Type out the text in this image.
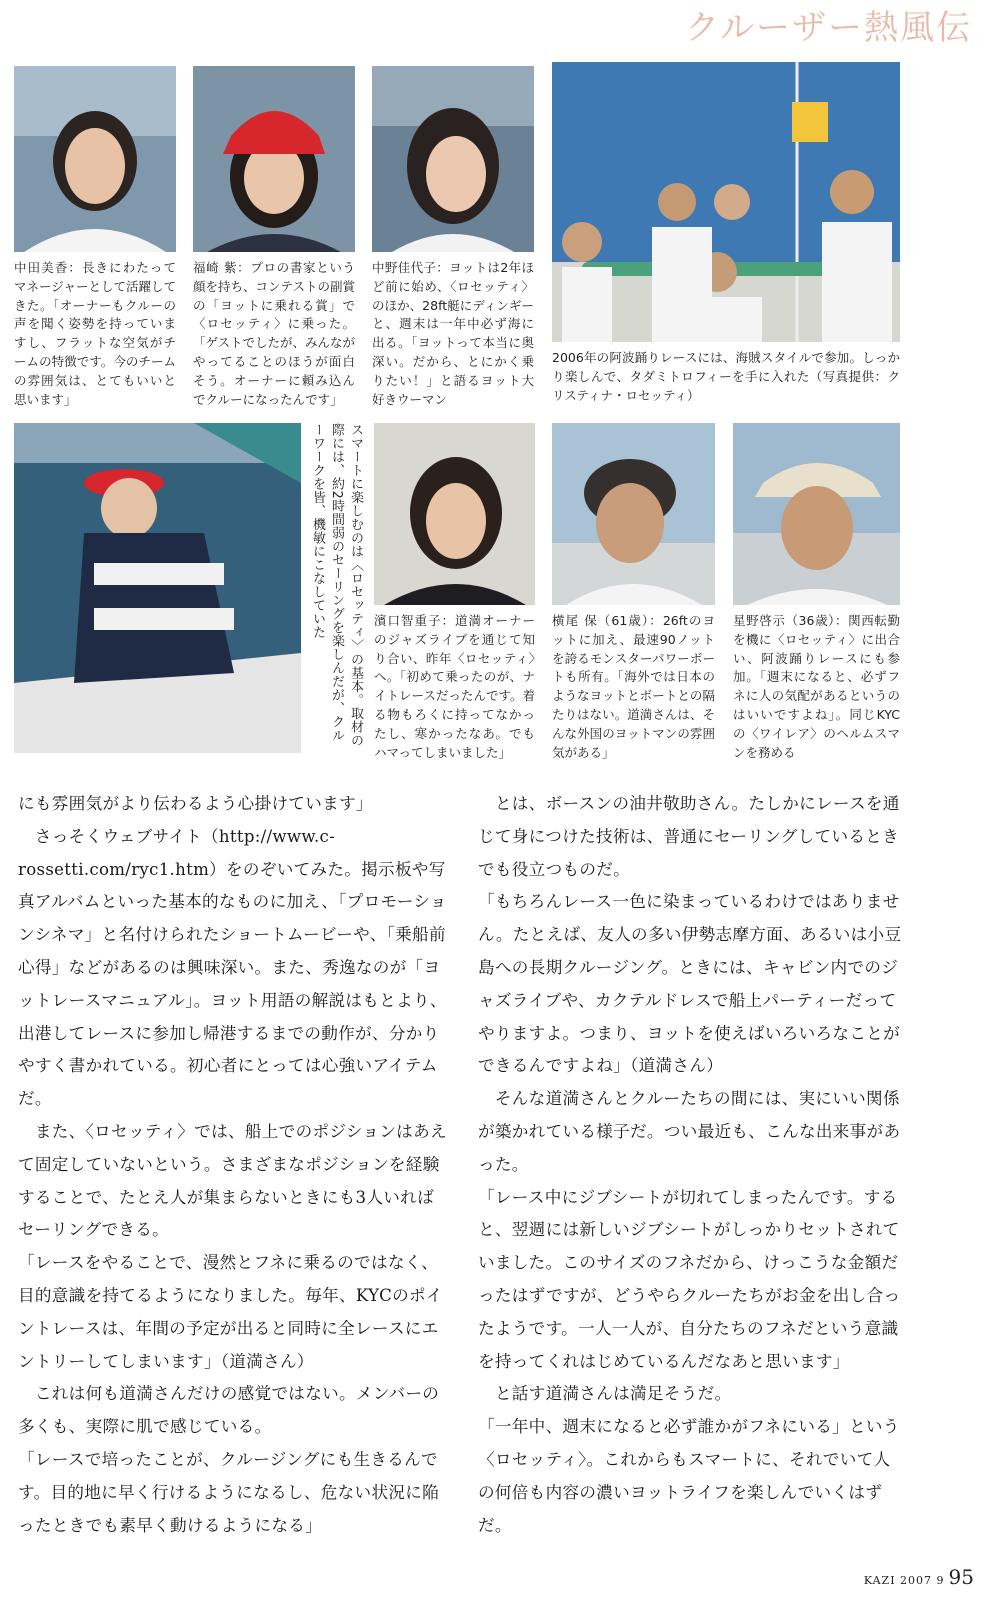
クルーザー熱風伝
中田美香：長きにわたってマネージャーとして活躍してきた。「オーナーもクルーの声を聞く姿勢を持っていますし、フラットな空気がチームの特徴です。今のチームの雰囲気は、とてもいいと思います」
福崎 紫：プロの書家という顔を持ち、コンテストの副賞の「ヨットに乗れる賞」で〈ロセッティ〉に乗った。「ゲストでしたが、みんながやってることのほうが面白そう。オーナーに頼み込んでクルーになったんです」
中野佳代子：ヨットは2年ほど前に始め、〈ロセッティ〉のほか、28ft艇にディンギーと、週末は一年中必ず海に出る。「ヨットって本当に奥深い。だから、とにかく乗りたい！」と語るヨット大好きウーマン
2006年の阿波踊りレースには、海賊スタイルで参加。しっかり楽しんで、タダミトロフィーを手に入れた（写真提供：クリスティナ・ロセッティ）
スマートに楽しむのは〈ロセッティ〉の基本。取材の際には、約2時間弱のセーリングを楽しんだが、クルーワークを皆、機敏にこなしていた	濱口智重子：道満オーナーのジャズライブを通じて知り合い、昨年〈ロセッティ〉へ。「初めて乗ったのが、ナイトレースだったんです。着る物もろくに持ってなかったし、寒かったなあ。でもハマってしまいました」
横尾 保（61歳）：26ftのヨットに加え、最速90ノットを誇るモンスターパワーボートも所有。「海外では日本のようなヨットとボートとの隔たりはない。道満さんは、そんな外国のヨットマンの雰囲気がある」
星野啓示（36歳）：関西転勤を機に〈ロセッティ〉に出合い、阿波踊りレースにも参加。「週末になると、必ずフネに人の気配があるというのはいいですよね」。同じKYCの〈ワイレア〉のヘルムスマンを務める

にも雰囲気がより伝わるよう心掛けています」

　さっそくウェブサイト（http://www.c-rossetti.com/ryc1.htm）をのぞいてみた。掲示板や写真アルバムといった基本的なものに加え、「プロモーションシネマ」と名付けられたショートムービーや、「乗船前心得」などがあるのは興味深い。また、秀逸なのが「ヨットレースマニュアル」。ヨット用語の解説はもとより、出港してレースに参加し帰港するまでの動作が、分かりやすく書かれている。初心者にとっては心強いアイテムだ。

　また、〈ロセッティ〉では、船上でのポジションはあえて固定していないという。さまざまなポジションを経験することで、たとえ人が集まらないときにも3人いればセーリングできる。

「レースをやることで、漫然とフネに乗るのではなく、目的意識を持てるようになりました。毎年、KYCのポイントレースは、年間の予定が出ると同時に全レースにエントリーしてしまいます」（道満さん）

　これは何も道満さんだけの感覚ではない。メンバーの多くも、実際に肌で感じている。

「レースで培ったことが、クルージングにも生きるんです。目的地に早く行けるようになるし、危ない状況に陥ったときでも素早く動けるようになる」

　とは、ボースンの油井敬助さん。たしかにレースを通じて身につけた技術は、普通にセーリングしているときでも役立つものだ。

「もちろんレース一色に染まっているわけではありません。たとえば、友人の多い伊勢志摩方面、あるいは小豆島への長期クルージング。ときには、キャビン内でのジャズライブや、カクテルドレスで船上パーティーだってやりますよ。つまり、ヨットを使えばいろいろなことができるんですよね」（道満さん）

　そんな道満さんとクルーたちの間には、実にいい関係が築かれている様子だ。つい最近も、こんな出来事があった。

「レース中にジブシートが切れてしまったんです。すると、翌週には新しいジブシートがしっかりセットされていました。このサイズのフネだから、けっこうな金額だったはずですが、どうやらクルーたちがお金を出し合ったようです。一人一人が、自分たちのフネだという意識を持ってくれはじめているんだなあと思います」

　と話す道満さんは満足そうだ。

「一年中、週末になると必ず誰かがフネにいる」という〈ロセッティ〉。これからもスマートに、それでいて人の何倍も内容の濃いヨットライフを楽しんでいくはずだ。

KAZI 2007 9 95
